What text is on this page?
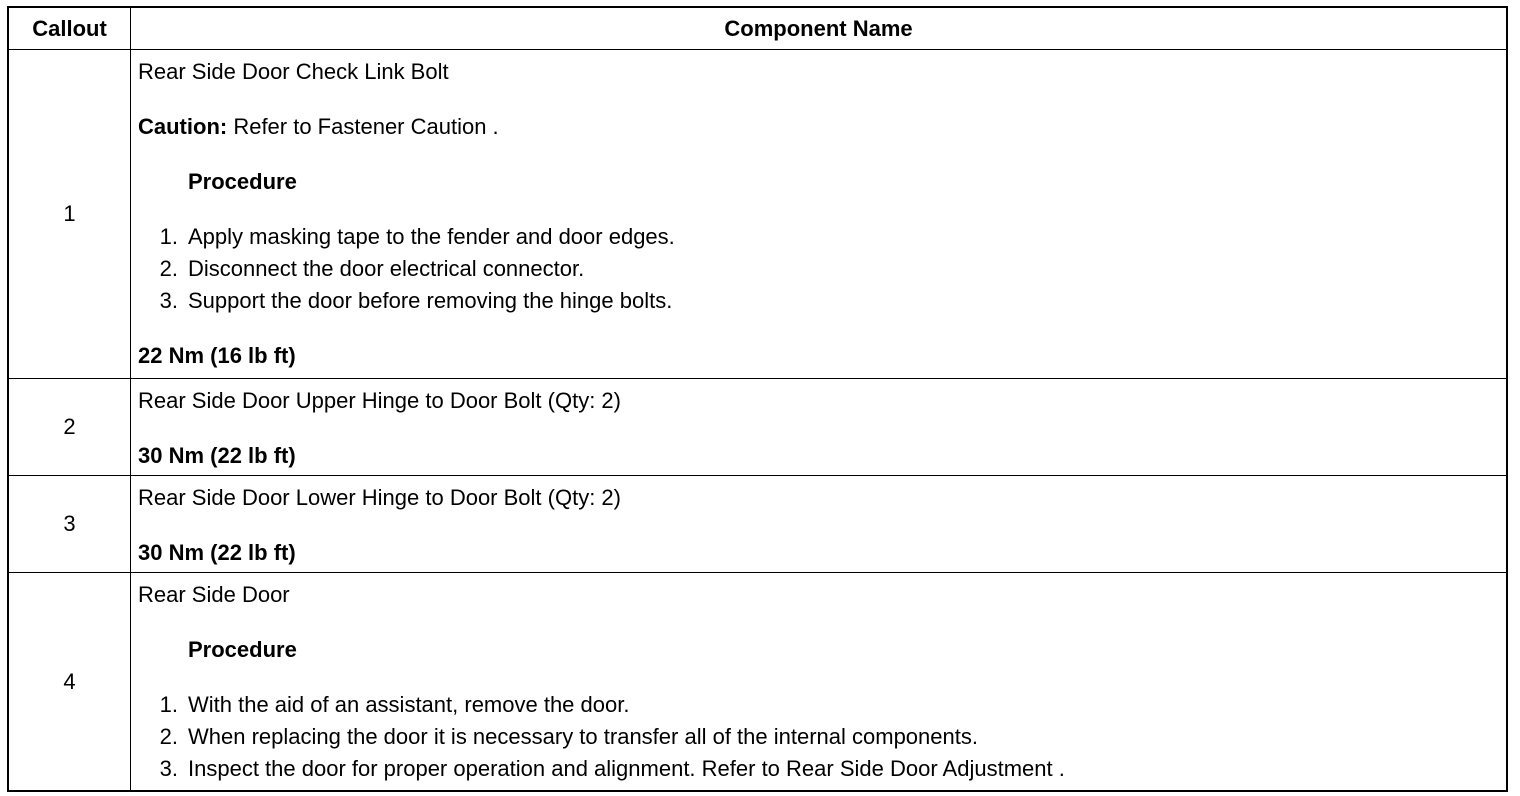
Callout	Component Name
1
Rear Side Door Check Link Bolt
Caution: Refer to Fastener Caution .
Procedure
1. Apply masking tape to the fender and door edges.
2. Disconnect the door electrical connector.
3. Support the door before removing the hinge bolts.
22 Nm (16 lb ft)
2
Rear Side Door Upper Hinge to Door Bolt (Qty: 2)
30 Nm (22 lb ft)
3
Rear Side Door Lower Hinge to Door Bolt (Qty: 2)
30 Nm (22 lb ft)
4
Rear Side Door
Procedure
1. With the aid of an assistant, remove the door.
2. When replacing the door it is necessary to transfer all of the internal components.
3. Inspect the door for proper operation and alignment. Refer to Rear Side Door Adjustment .
